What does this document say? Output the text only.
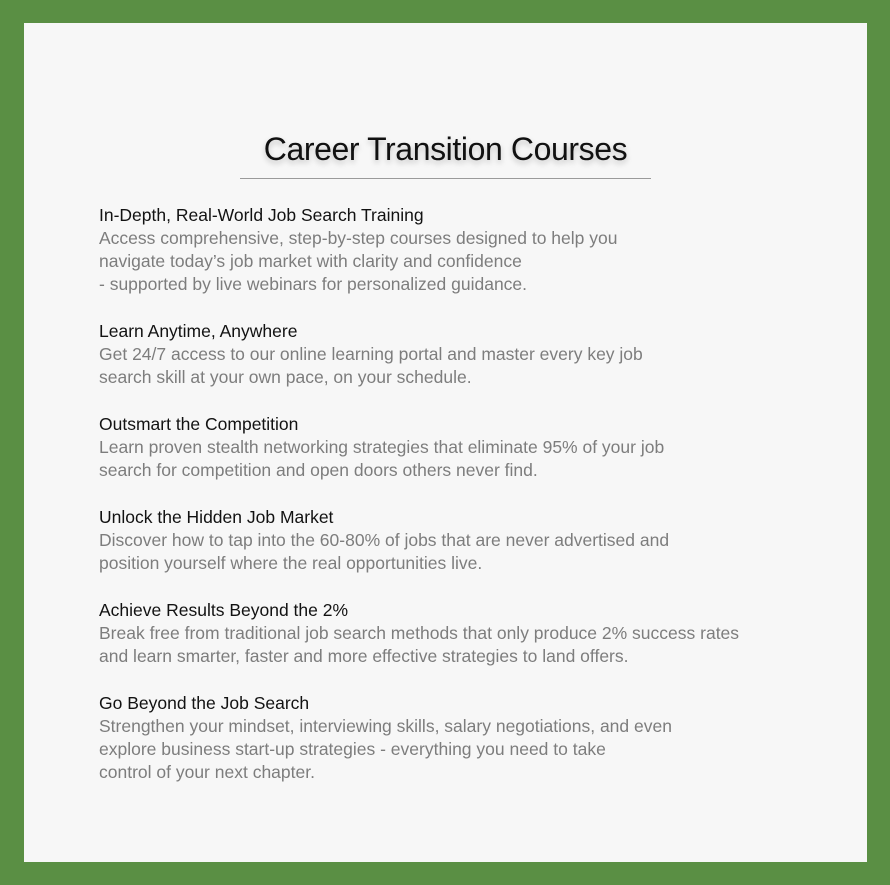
Career Transition Courses
In-Depth, Real-World Job Search Training
Access comprehensive, step-by-step courses designed to help you
navigate today’s job market with clarity and confidence
- supported by live webinars for personalized guidance.
Learn Anytime, Anywhere
Get 24/7 access to our online learning portal and master every key job
search skill at your own pace, on your schedule.
Outsmart the Competition
Learn proven stealth networking strategies that eliminate 95% of your job
search for competition and open doors others never find.
Unlock the Hidden Job Market
Discover how to tap into the 60-80% of jobs that are never advertised and
position yourself where the real opportunities live.
Achieve Results Beyond the 2%
Break free from traditional job search methods that only produce 2% success rates
and learn smarter, faster and more effective strategies to land offers.
Go Beyond the Job Search
Strengthen your mindset, interviewing skills, salary negotiations, and even
explore business start-up strategies - everything you need to take
control of your next chapter.
